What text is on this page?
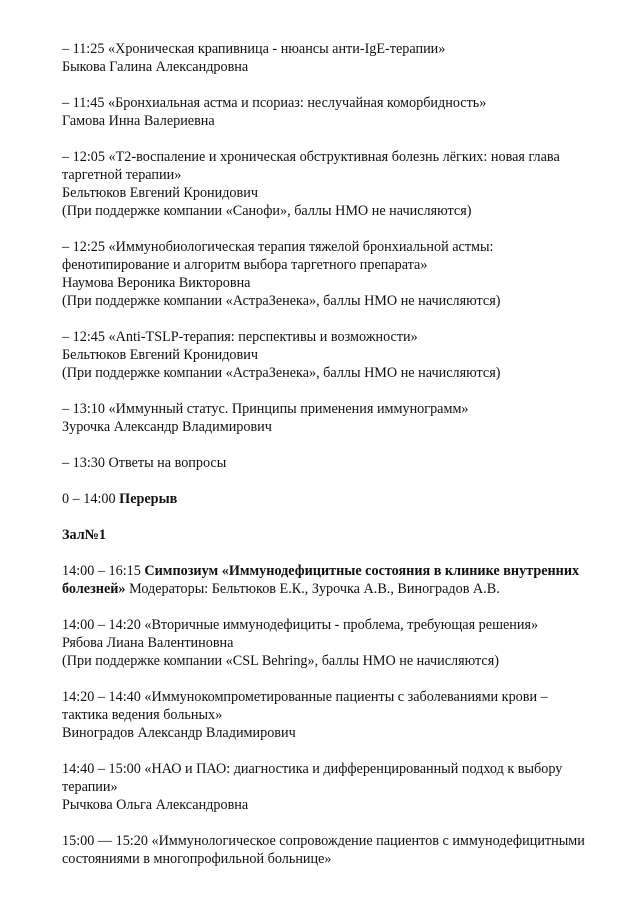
– 11:25 «Хроническая крапивница - нюансы анти-IgE-терапии»
Быкова Галина Александровна
– 11:45 «Бронхиальная астма и псориаз: неслучайная коморбидность»
Гамова Инна Валериевна
– 12:05 «Т2-воспаление и хроническая обструктивная болезнь лёгких: новая глава
таргетной терапии»
Бельтюков Евгений Кронидович
(При поддержке компании «Санофи», баллы НМО не начисляются)
– 12:25 «Иммунобиологическая терапия тяжелой бронхиальной астмы:
фенотипирование и алгоритм выбора таргетного препарата»
Наумова Вероника Викторовна
(При поддержке компании «АстраЗенека», баллы НМО не начисляются)
– 12:45 «Anti-TSLP-терапия: перспективы и возможности»
Бельтюков Евгений Кронидович
(При поддержке компании «АстраЗенека», баллы НМО не начисляются)
– 13:10 «Иммунный статус. Принципы применения иммунограмм»
Зурочка Александр Владимирович
– 13:30 Ответы на вопросы
0 – 14:00 Перерыв
Зал№1
14:00 – 16:15 Симпозиум «Иммунодефицитные состояния в клинике внутренних
болезней» Модераторы: Бельтюков Е.К., Зурочка А.В., Виноградов А.В.
14:00 – 14:20 «Вторичные иммунодефициты - проблема, требующая решения»
Рябова Лиана Валентиновна
(При поддержке компании «CSL Behring», баллы НМО не начисляются)
14:20 – 14:40 «Иммунокомпрометированные пациенты с заболеваниями крови –
тактика ведения больных»
Виноградов Александр Владимирович
14:40 – 15:00 «НАО и ПАО: диагностика и дифференцированный подход к выбору
терапии»
Рычкова Ольга Александровна
15:00 — 15:20 «Иммунологическое сопровождение пациентов с иммунодефицитными
состояниями в многопрофильной больнице»
